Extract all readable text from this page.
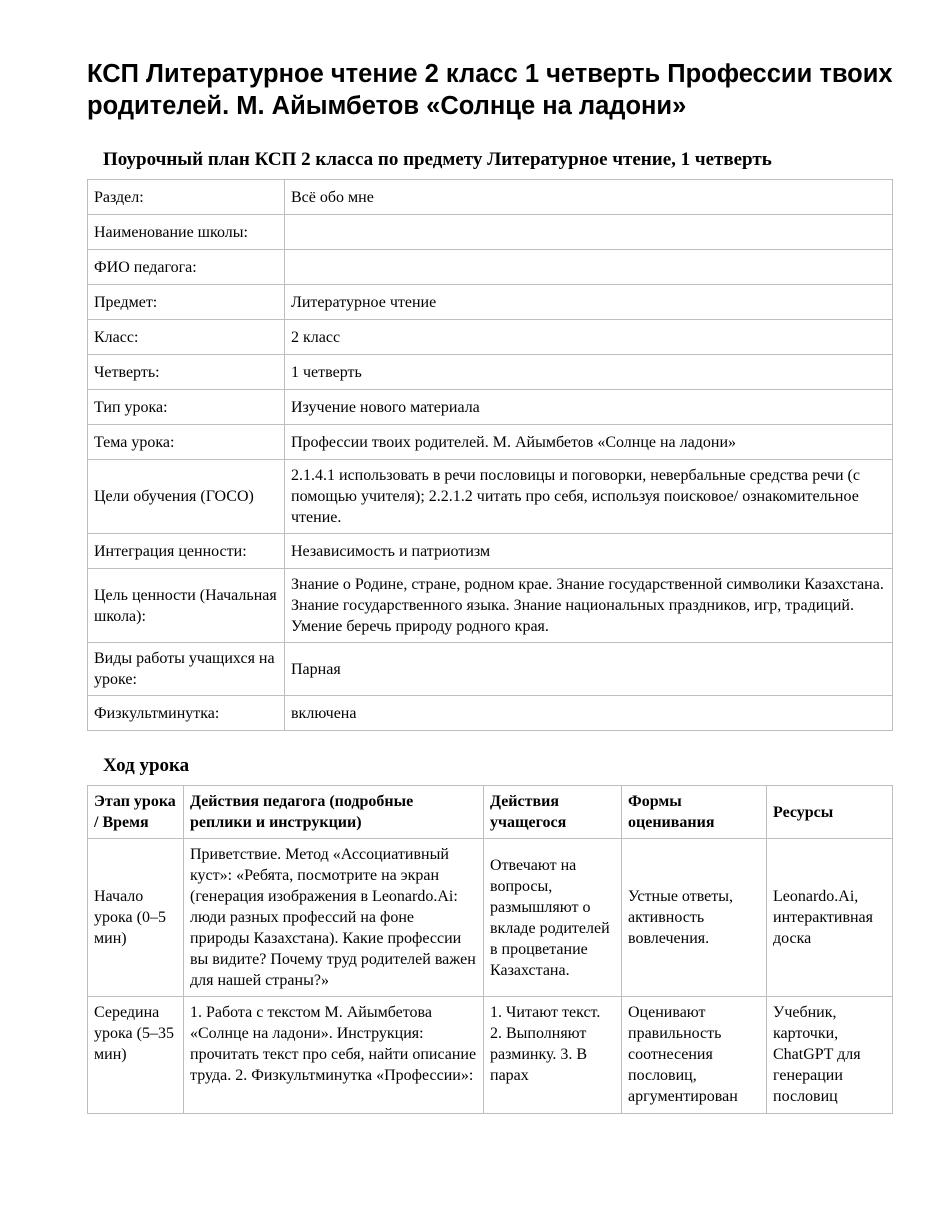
КСП Литературное чтение 2 класс 1 четверть Профессии твоих родителей. М. Айымбетов «Солнце на ладони»
Поурочный план КСП 2 класса по предмету Литературное чтение, 1 четверть
Раздел:	Всё обо мне
Наименование школы:	
ФИО педагога:	
Предмет:	Литературное чтение
Класс:	2 класс
Четверть:	1 четверть
Тип урока:	Изучение нового материала
Тема урока:	Профессии твоих родителей. М. Айымбетов «Солнце на ладони»
Цели обучения (ГОСО)	2.1.4.1 использовать в речи пословицы и поговорки, невербальные средства речи (с помощью учителя); 2.2.1.2 читать про себя, используя поисковое/ ознакомительное чтение.
Интеграция ценности:	Независимость и патриотизм
Цель ценности (Начальная школа):	Знание о Родине, стране, родном крае. Знание государственной символики Казахстана. Знание государственного языка. Знание национальных праздников, игр, традиций. Умение беречь природу родного края.
Виды работы учащихся на уроке:	Парная
Физкультминутка:	включена
Ход урока
Этап урока / Время	Действия педагога (подробные реплики и инструкции)	Действия учащегося	Формы оценивания	Ресурсы
Начало урока (0–5 мин)	Приветствие. Метод «Ассоциативный куст»: «Ребята, посмотрите на экран (генерация изображения в Leonardo.Ai: люди разных профессий на фоне природы Казахстана). Какие профессии вы видите? Почему труд родителей важен для нашей страны?»	Отвечают на вопросы, размышляют о вкладе родителей в процветание Казахстана.	Устные ответы, активность вовлечения.	Leonardo.Ai, интерактивная доска

Середина урока (5–35 мин)	1. Работа с текстом М. Айымбетова «Солнце на ладони». Инструкция: прочитать текст про себя, найти описание труда. 2. Физкультминутка «Профессии»:	1. Читают текст. 2. Выполняют разминку. 3. В парах	Оценивают правильность соотнесения пословиц, аргументирован	Учебник, карточки, ChatGPT для генерации пословиц
